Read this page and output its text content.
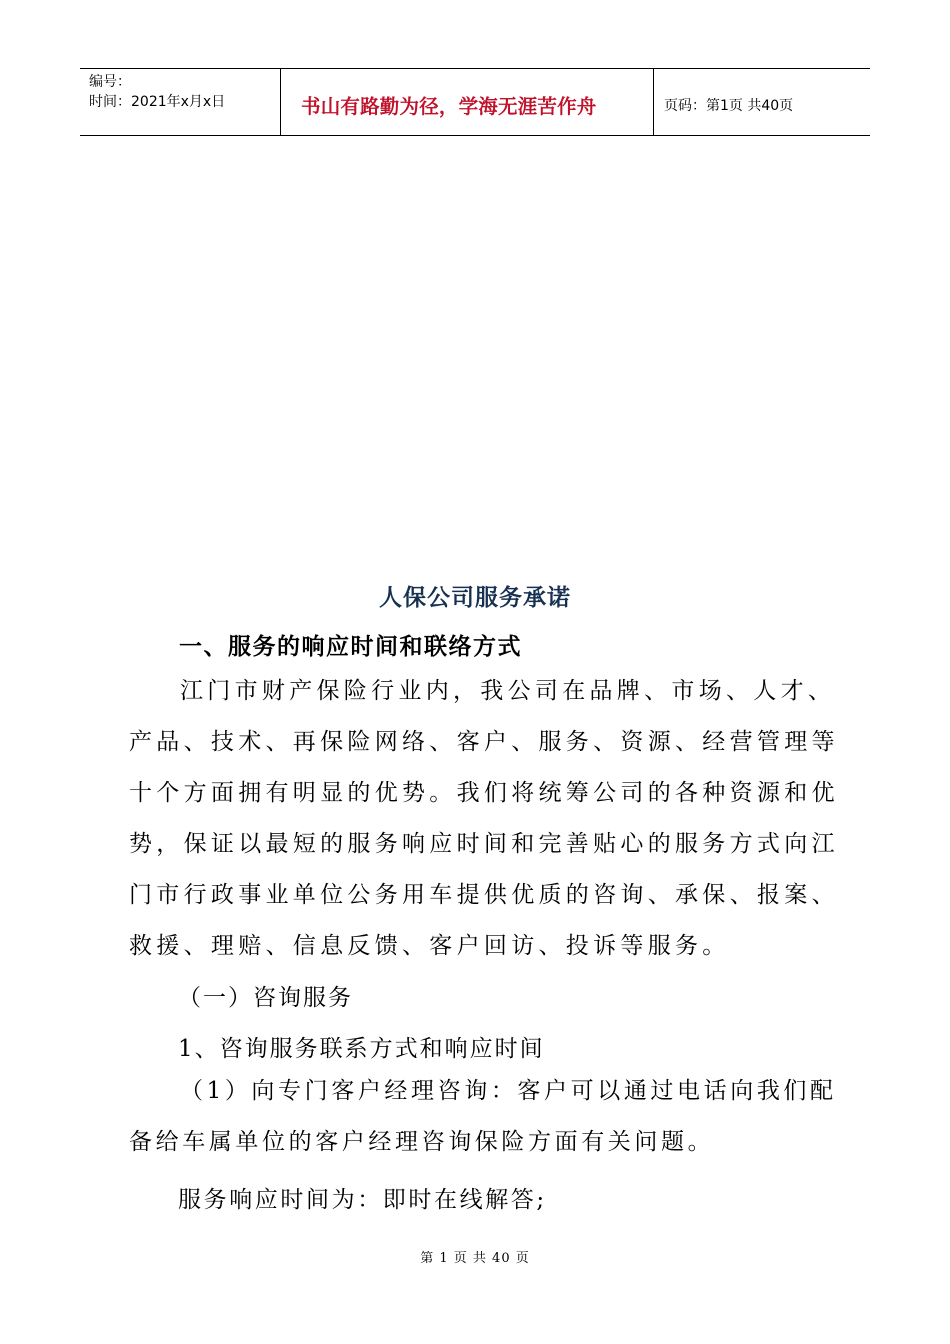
编号：
时间：2021年x月x日	书山有路勤为径，学海无涯苦作舟	页码：第1页 共40页
人保公司服务承诺
一、服务的响应时间和联络方式

江门市财产保险行业内，我公司在品牌、市场、人才、产品、技术、再保险网络、客户、服务、资源、经营管理等十个方面拥有明显的优势。我们将统筹公司的各种资源和优势，保证以最短的服务响应时间和完善贴心的服务方式向江门市行政事业单位公务用车提供优质的咨询、承保、报案、救援、理赔、信息反馈、客户回访、投诉等服务。

（一）咨询服务

1、咨询服务联系方式和响应时间

（1）向专门客户经理咨询：客户可以通过电话向我们配备给车属单位的客户经理咨询保险方面有关问题。

服务响应时间为：即时在线解答;

第 1 页 共 40 页
